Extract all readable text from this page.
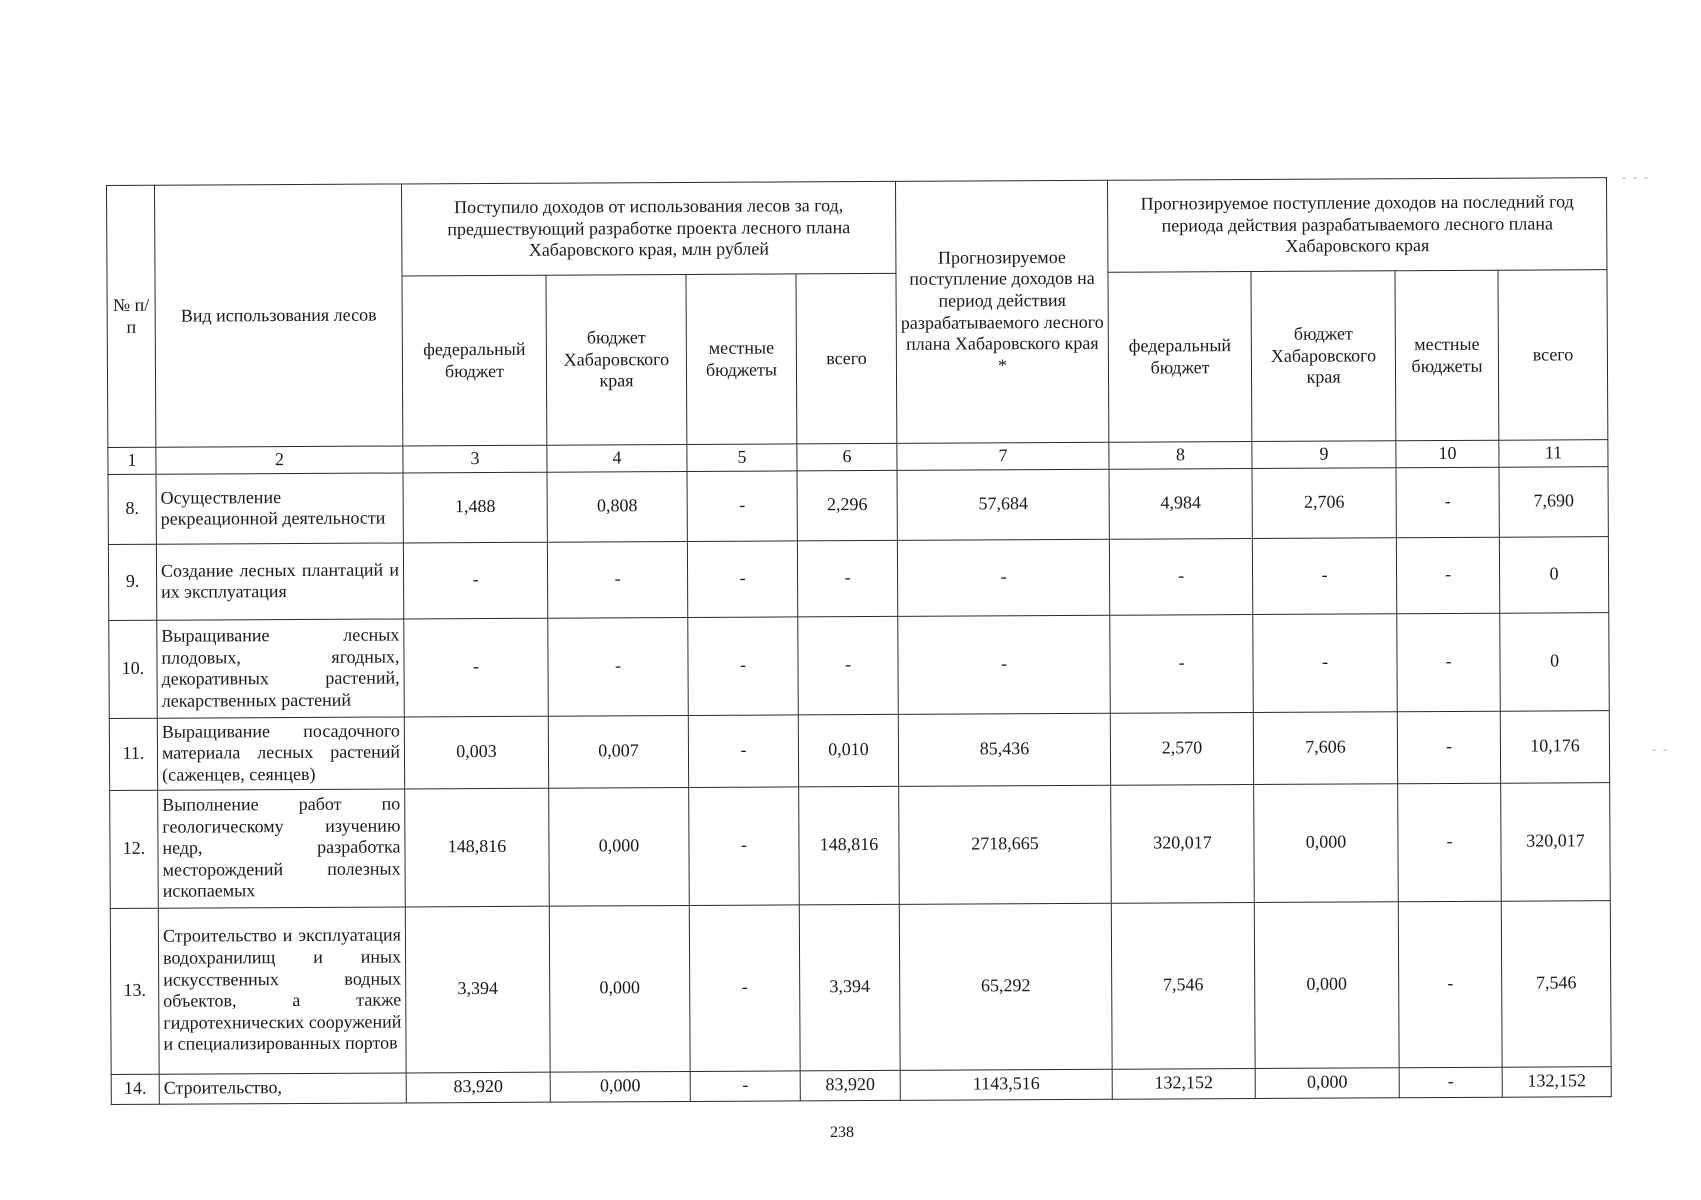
№ п/п	Вид использования лесов	Поступило доходов от использования лесов за год, предшествующий разработке проекта лесного плана Хабаровского края, млн рублей				Прогнозируемое поступление доходов на период действия разрабатываемого лесного плана Хабаровского края *	Прогнозируемое поступление доходов на последний год периода действия разрабатываемого лесного плана Хабаровского края			
		федеральный бюджет	бюджет Хабаровского края	местные бюджеты	всего		федеральный бюджет	бюджет Хабаровского края	местные бюджеты	всего
1	2	3	4	5	6	7	8	9	10	11
8.	Осуществление рекреационной деятельности	1,488	0,808	-	2,296	57,684	4,984	2,706	-	7,690
9.	Создание лесных плантаций и их эксплуатация	-	-	-	-	-	-	-	-	0
10.	Выращивание лесных плодовых, ягодных, декоративных растений, лекарственных растений	-	-	-	-	-	-	-	-	0
11.	Выращивание посадочного материала лесных растений (саженцев, сеянцев)	0,003	0,007	-	0,010	85,436	2,570	7,606	-	10,176
12.	Выполнение работ по геологическому изучению недр, разработка месторождений полезных ископаемых	148,816	0,000	-	148,816	2718,665	320,017	0,000	-	320,017
13.	Строительство и эксплуатация водохранилищ и иных искусственных водных объектов, а также гидротехнических сооружений и специализированных портов	3,394	0,000	-	3,394	65,292	7,546	0,000	-	7,546
14.	Строительство,	83,920	0,000	-	83,920	1143,516	132,152	0,000	-	132,152
- - -
- -
238
